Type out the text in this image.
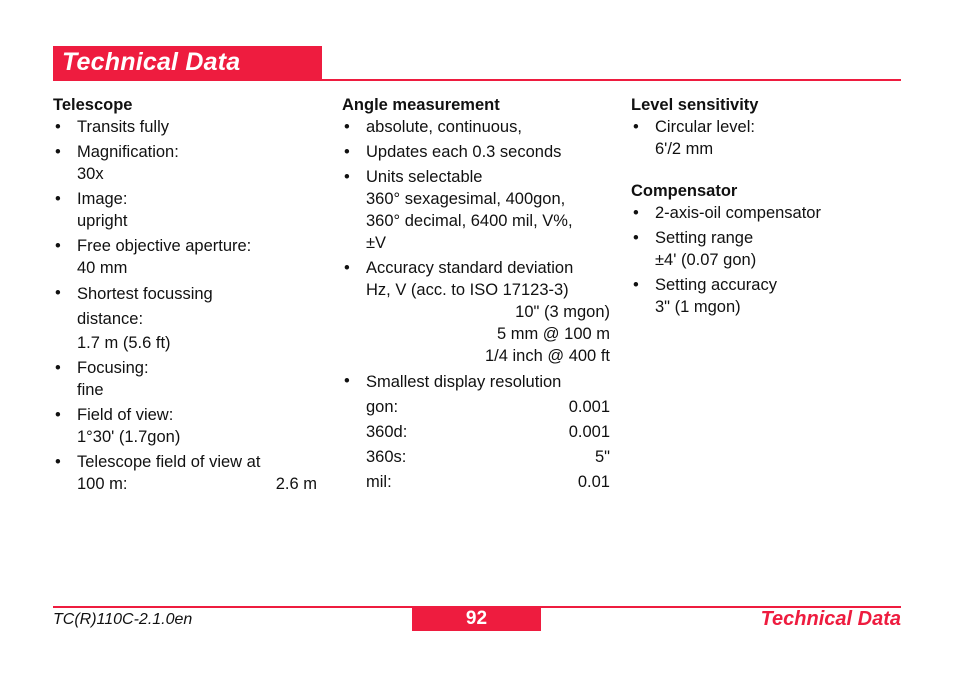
Technical Data
Telescope
• Transits fully
• Magnification:
30x
• Image:
upright
• Free objective aperture:
40 mm
• Shortest focussing
distance:
1.7 m (5.6 ft)
• Focusing:
fine
• Field of view:
1°30' (1.7gon)
• Telescope field of view at
100 m:	2.6 m
Angle measurement
• absolute, continuous,
• Updates each 0.3 seconds
• Units selectable
360° sexagesimal, 400gon,
360° decimal, 6400 mil, V%,
±V
• Accuracy standard deviation
Hz, V (acc. to ISO 17123-3)
10" (3 mgon)
5 mm @ 100 m
1/4 inch @ 400 ft
• Smallest display resolution
gon:	0.001
360d:	0.001
360s:	5"
mil:	0.01
Level sensitivity
• Circular level:
6'/2 mm
Compensator
• 2-axis-oil compensator
• Setting range
±4' (0.07 gon)
• Setting accuracy
3" (1 mgon)
TC(R)110C-2.1.0en	92	Technical Data
